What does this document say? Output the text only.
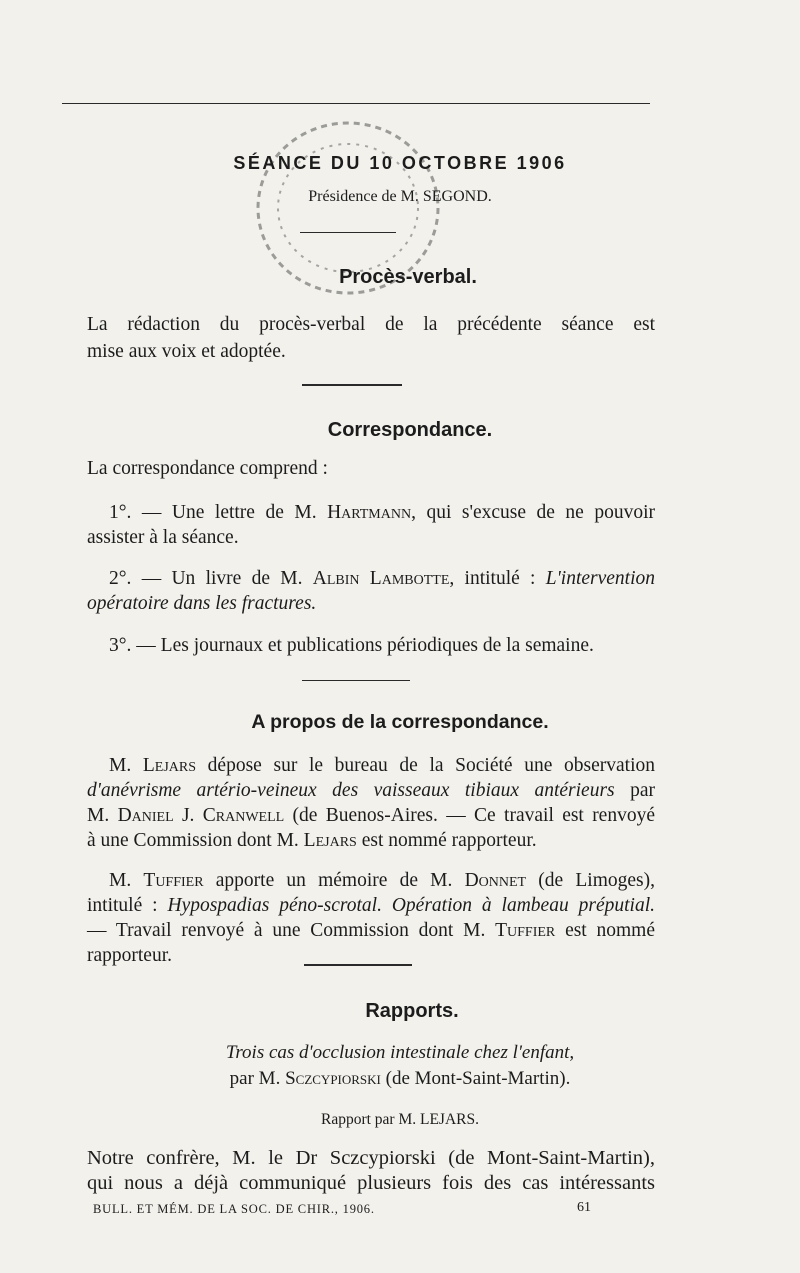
SÉANCE DU 10 OCTOBRE 1906
Présidence de M. SEGOND.
Procès-verbal.
La rédaction du procès-verbal de la précédente séance est
mise aux voix et adoptée.
Correspondance.
La correspondance comprend :
1°. — Une lettre de M. Hartmann, qui s'excuse de ne pouvoir
assister à la séance.
2°. — Un livre de M. Albin Lambotte, intitulé : L'intervention
opératoire dans les fractures.
3°. — Les journaux et publications périodiques de la semaine.
A propos de la correspondance.
M. Lejars dépose sur le bureau de la Société une observation
d'anévrisme artério-veineux des vaisseaux tibiaux antérieurs par
M. Daniel J. Cranwell (de Buenos-Aires. — Ce travail est renvoyé
à une Commission dont M. Lejars est nommé rapporteur.
M. Tuffier apporte un mémoire de M. Donnet (de Limoges),
intitulé : Hypospadias péno-scrotal. Opération à lambeau préputial.
— Travail renvoyé à une Commission dont M. Tuffier est nommé
rapporteur.
Rapports.
Trois cas d'occlusion intestinale chez l'enfant,
par M. Sczcypiorski (de Mont-Saint-Martin).
Rapport par M. LEJARS.
Notre confrère, M. le Dr Sczcypiorski (de Mont-Saint-Martin),
qui nous a déjà communiqué plusieurs fois des cas intéressants
BULL. ET MÉM. DE LA SOC. DE CHIR., 1906.	61
